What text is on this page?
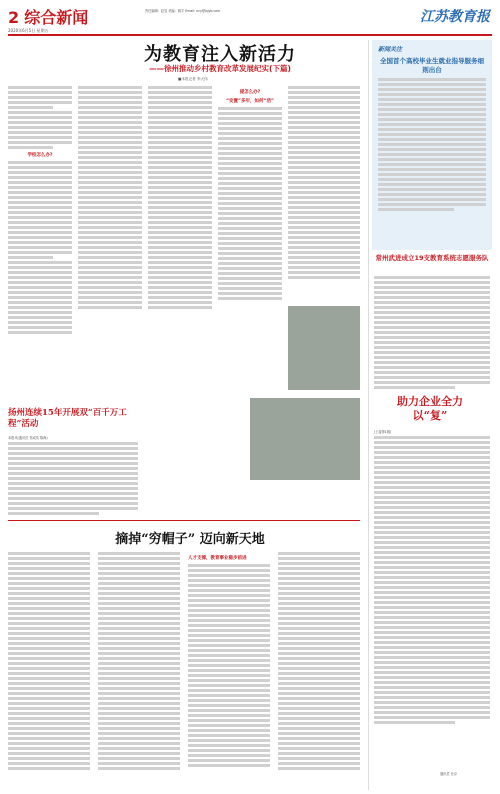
2 综合新闻
2020年6月5日 星期五
责任编辑：赵昱 美编：姚宇 Email: ncy@jsjyb.com	江苏教育报
为教育注入新活力
——徐州推动乡村教育改革发展纪实(下篇)
■本报记者 李大伟
学校怎么办?
提怎么办?
“安置”多年，如何“活”
扬州连续15年开展双“百千万工程”活动
本报讯(通讯员 郑成英 陈海)
摘掉“穷帽子” 迈向新天地
人才支撑，教育事业稳步前进
新闻关注
全国首个高校毕业生就业指导服务细则出台
常州武进成立19支教育系统志愿服务队
助力企业全力以“复”
(上接第1版)
通讯员 北京
